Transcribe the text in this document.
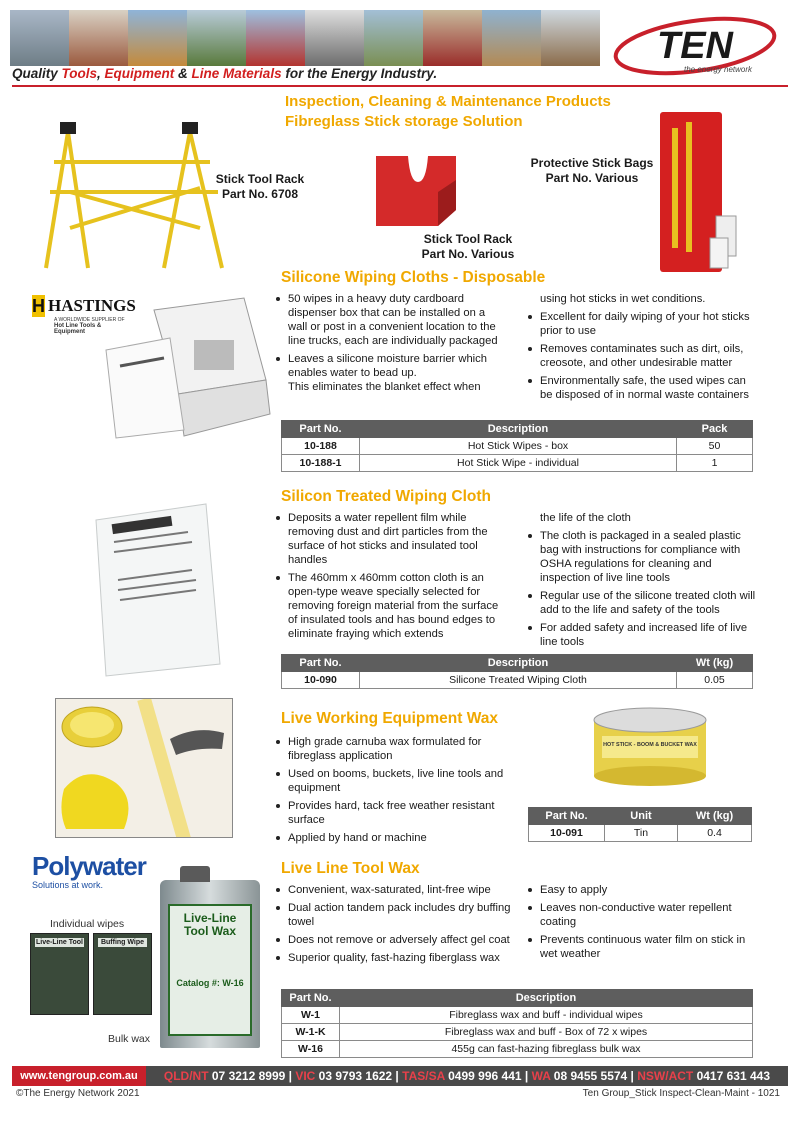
TEN
the energy network
Quality Tools, Equipment & Line Materials for the Energy Industry.
Inspection, Cleaning & Maintenance Products
Fibreglass Stick storage Solution
Stick Tool Rack
Part No. 6708
Stick Tool Rack
Part No. Various
Protective Stick Bags
Part No. Various
Silicone Wiping Cloths - Disposable
H HASTINGS
A WORLDWIDE SUPPLIER OF
Hot Line Tools & Equipment
50 wipes in a heavy duty cardboard dispenser box that can be installed on a wall or post in a convenient location to the line trucks, each are individually packaged
Leaves a silicone moisture barrier which enables water to bead up.
This eliminates the blanket effect when
using hot sticks in wet conditions.
Excellent for daily wiping of your hot sticks prior to use
Removes contaminates such as dirt, oils, creosote, and other undesirable matter
Environmentally safe, the used wipes can be disposed of in normal waste containers
Part No.	Description	Pack
10-188	Hot Stick Wipes - box	50
10-188-1	Hot Stick Wipe - individual	1
Silicon Treated Wiping Cloth
Deposits a water repellent film while removing dust and dirt particles from the surface of hot sticks and insulated tool handles
The 460mm x 460mm cotton cloth is an open-type weave specially selected for removing foreign material from the surface of insulated tools and has bound edges to eliminate fraying which extends
the life of the cloth
The cloth is packaged in a sealed plastic bag with instructions for compliance with OSHA regulations for cleaning and inspection of live line tools
Regular use of the silicone treated cloth will add to the life and safety of the tools
For added safety and increased life of live line tools
Part No.	Description	Wt (kg)
10-090	Silicone Treated Wiping Cloth	0.05
Live Working Equipment Wax
High grade carnuba wax formulated for fibreglass application
Used on booms, buckets, live line tools and equipment
Provides hard, tack free weather resistant surface
Applied by hand or machine
HOT STICK - BOOM & BUCKET WAX
Part No.	Unit	Wt (kg)
10-091	Tin	0.4
Polywater
Solutions at work.
Individual wipes
Live-Line Tool	Buffing Wipe
Bulk wax
Live-Line Tool Wax
Catalog #: W-16
Live Line Tool Wax
Convenient, wax-saturated, lint-free wipe
Dual action tandem pack includes dry buffing towel
Does not remove or adversely affect gel coat
Superior quality, fast-hazing fiberglass wax
Easy to apply
Leaves non-conductive water repellent coating
Prevents continuous water film on stick in wet weather
Part No.	Description
W-1	Fibreglass wax and buff - individual wipes
W-1-K	Fibreglass wax and buff - Box of 72 x wipes
W-16	455g can fast-hazing fibreglass bulk wax
www.tengroup.com.au	QLD/NT 07 3212 8999 | VIC 03 9793 1622 | TAS/SA 0499 996 441 | WA 08 9455 5574 | NSW/ACT 0417 631 443
©The Energy Network 2021	Ten Group_Stick Inspect-Clean-Maint - 1021
